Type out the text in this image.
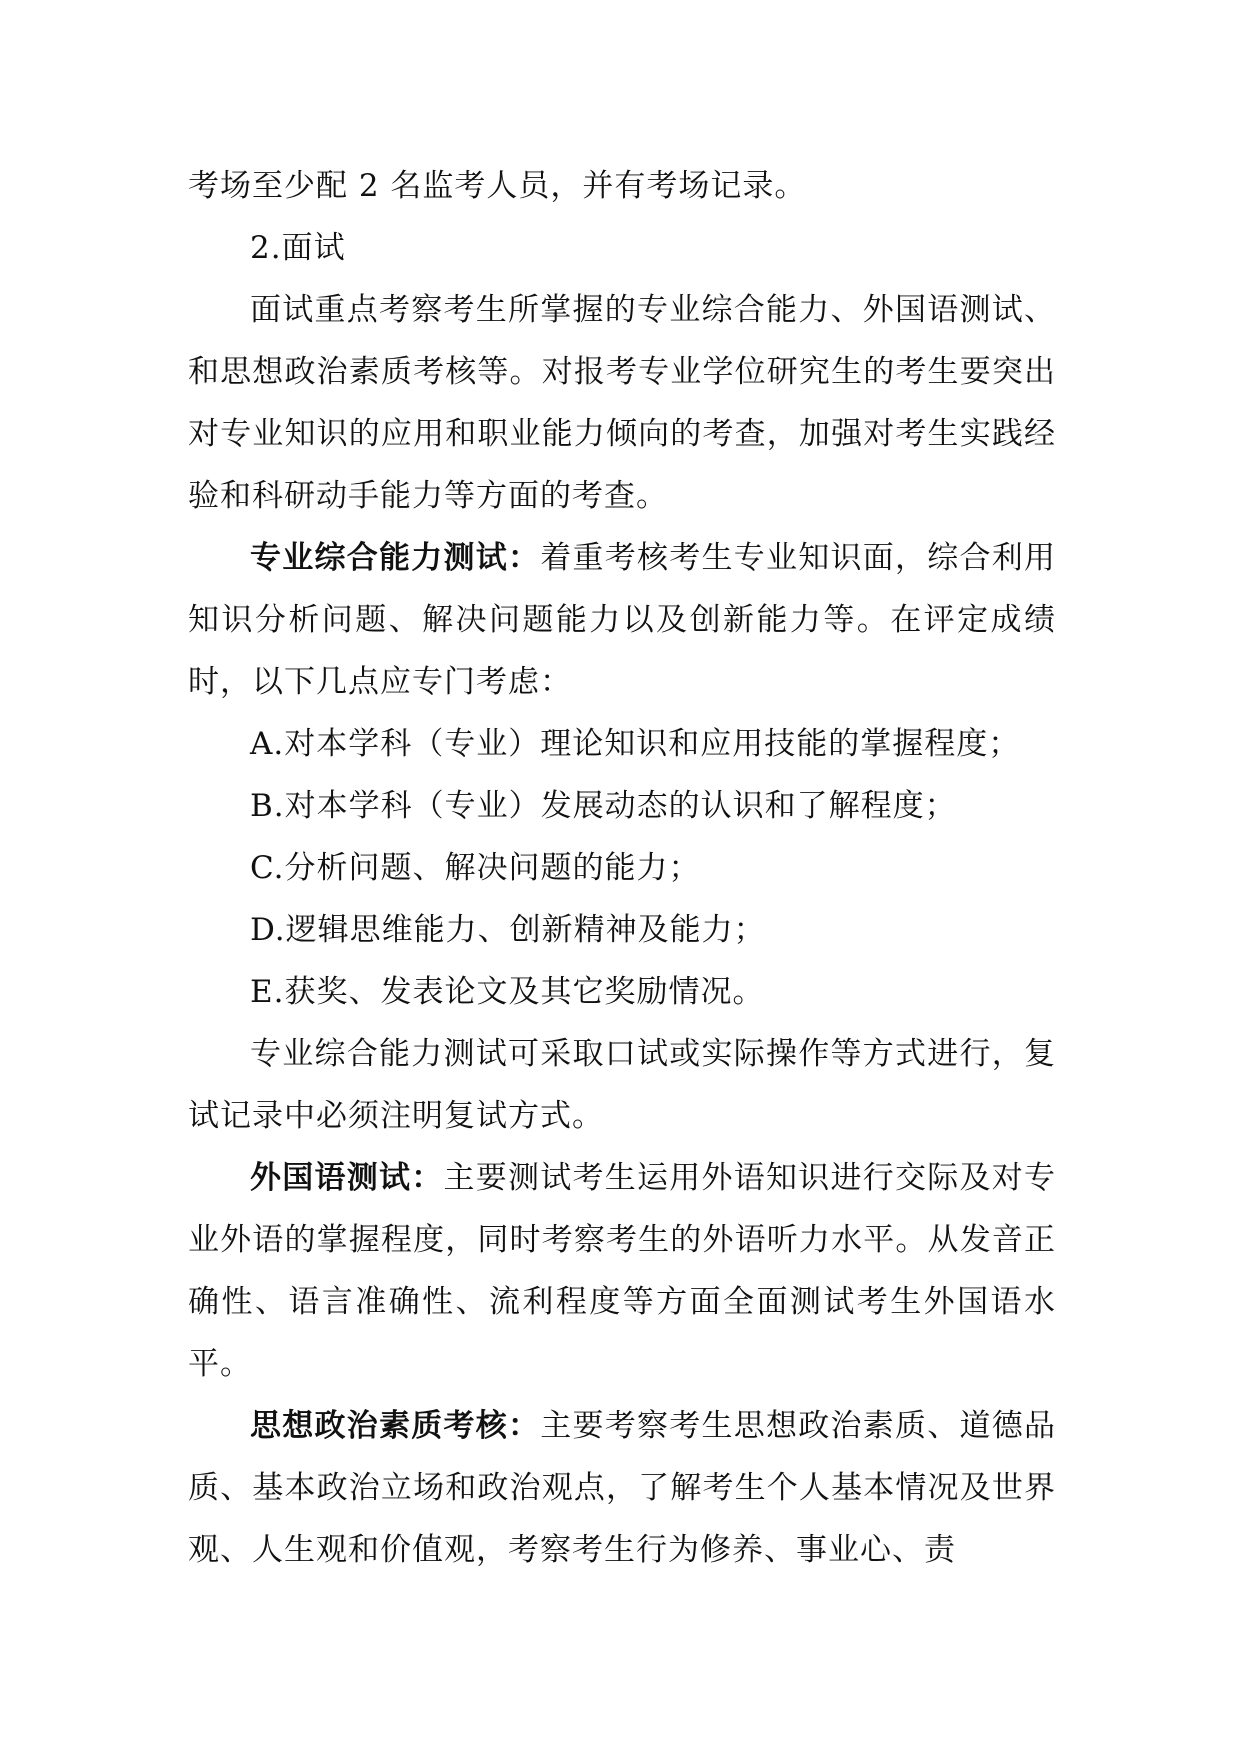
考场至少配 2 名监考人员，并有考场记录。

2.面试

面试重点考察考生所掌握的专业综合能力、外国语测试、和思想政治素质考核等。对报考专业学位研究生的考生要突出对专业知识的应用和职业能力倾向的考查，加强对考生实践经验和科研动手能力等方面的考查。

专业综合能力测试：着重考核考生专业知识面，综合利用知识分析问题、解决问题能力以及创新能力等。在评定成绩时，以下几点应专门考虑：

A.对本学科（专业）理论知识和应用技能的掌握程度；

B.对本学科（专业）发展动态的认识和了解程度；

C.分析问题、解决问题的能力；

D.逻辑思维能力、创新精神及能力；

E.获奖、发表论文及其它奖励情况。

专业综合能力测试可采取口试或实际操作等方式进行，复试记录中必须注明复试方式。

外国语测试：主要测试考生运用外语知识进行交际及对专业外语的掌握程度，同时考察考生的外语听力水平。从发音正确性、语言准确性、流利程度等方面全面测试考生外国语水平。

思想政治素质考核：主要考察考生思想政治素质、道德品质、基本政治立场和政治观点，了解考生个人基本情况及世界观、人生观和价值观，考察考生行为修养、事业心、责
